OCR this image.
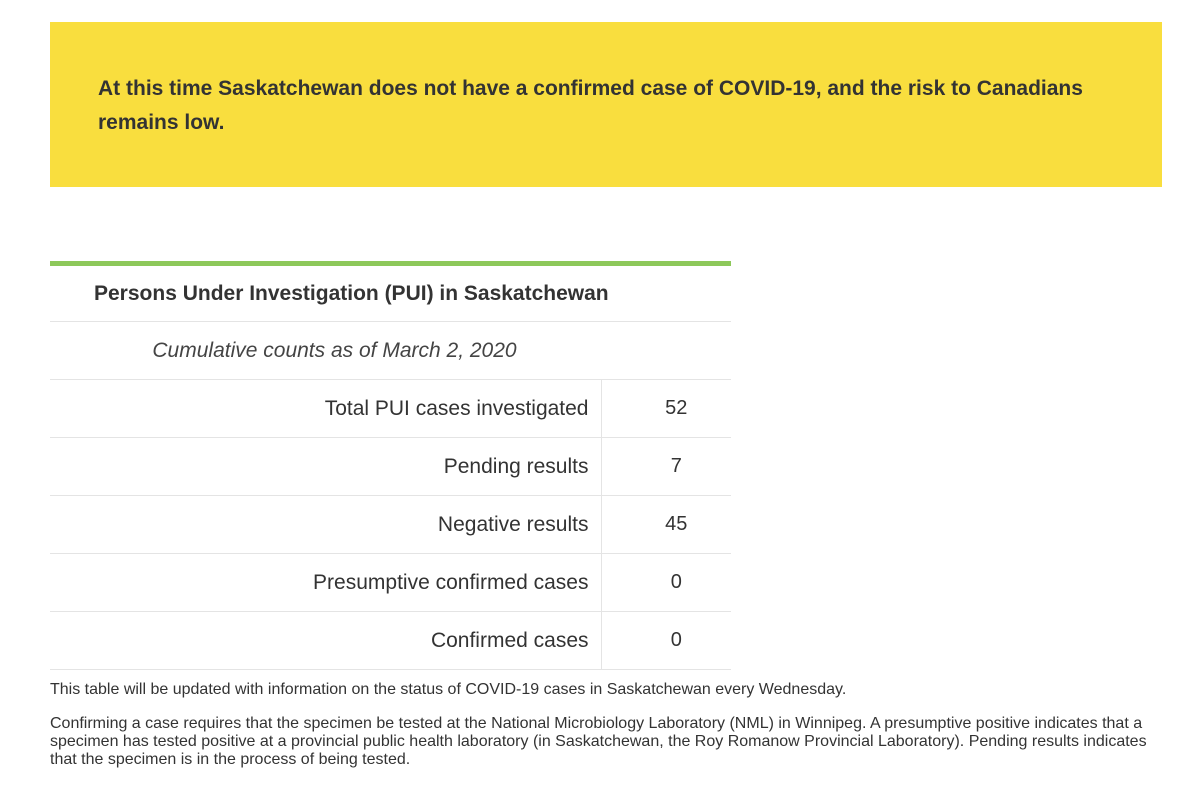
At this time Saskatchewan does not have a confirmed case of COVID-19, and the risk to Canadians remains low.

Persons Under Investigation (PUI) in Saskatchewan	
Cumulative counts as of March 2, 2020	
Total PUI cases investigated	52
Pending results	7
Negative results	45
Presumptive confirmed cases	0
Confirmed cases	0

This table will be updated with information on the status of COVID-19 cases in Saskatchewan every Wednesday.

Confirming a case requires that the specimen be tested at the National Microbiology Laboratory (NML) in Winnipeg. A presumptive positive indicates that a specimen has tested positive at a provincial public health laboratory (in Saskatchewan, the Roy Romanow Provincial Laboratory). Pending results indicates that the specimen is in the process of being tested.
